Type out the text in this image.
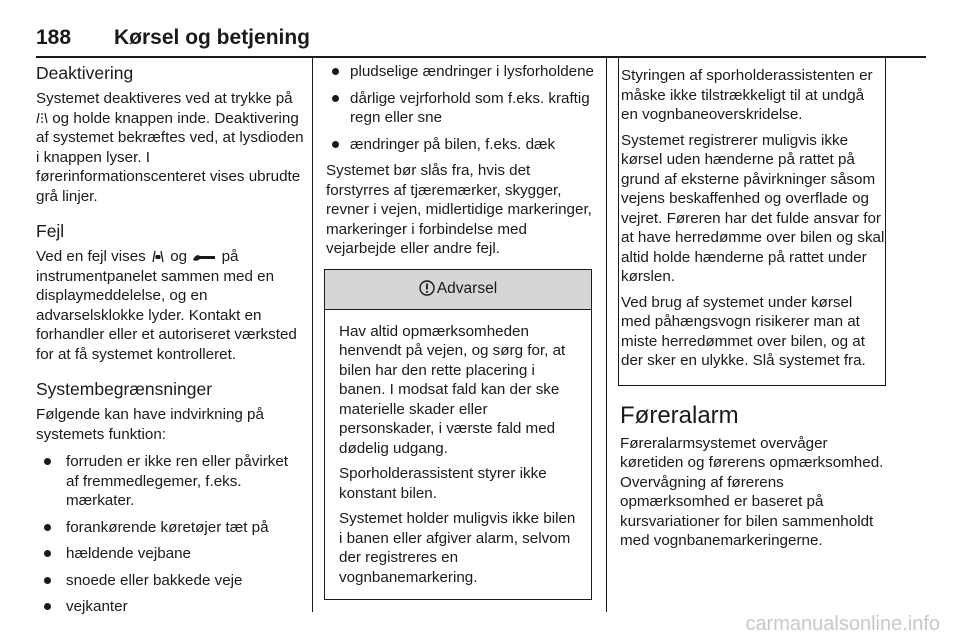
188 Kørsel og betjening
Deaktivering

Systemet deaktiveres ved at trykke på  og holde knappen inde. Deaktivering af systemet bekræftes ved, at lysdioden i knappen lyser. I førerinformationscenteret vises ubrudte grå linjer.

Fejl

Ved en fejl vises og på instrumentpanelet sammen med en displaymeddelelse, og en advarselsklokke lyder. Kontakt en forhandler eller et autoriseret værksted for at få systemet kontrolleret.

Systembegrænsninger

Følgende kan have indvirkning på systemets funktion:

forruden er ikke ren eller påvirket af fremmedlegemer, f.eks. mærkater.
forankørende køretøjer tæt på
hældende vejbane
snoede eller bakkede veje
vejkanter
pludselige ændringer i lysforholdene
dårlige vejrforhold som f.eks. kraftig regn eller sne
ændringer på bilen, f.eks. dæk

Systemet bør slås fra, hvis det forstyrres af tjæremærker, skygger, revner i vejen, midlertidige markeringer, markeringer i forbindelse med vejarbejde eller andre fejl.

Advarsel

Hav altid opmærksomheden henvendt på vejen, og sørg for, at bilen har den rette placering i banen. I modsat fald kan der ske materielle skader eller personskader, i værste fald med dødelig udgang.

Sporholderassistent styrer ikke konstant bilen.

Systemet holder muligvis ikke bilen i banen eller afgiver alarm, selvom der registreres en vognbanemarkering.

Styringen af sporholderassistenten er måske ikke tilstrækkeligt til at undgå en vognbaneoverskridelse.

Systemet registrerer muligvis ikke kørsel uden hænderne på rattet på grund af eksterne påvirkninger såsom vejens beskaffenhed og overflade og vejret. Føreren har det fulde ansvar for at have herredømme over bilen og skal altid holde hænderne på rattet under kørslen.

Ved brug af systemet under kørsel med påhængsvogn risikerer man at miste herredømmet over bilen, og at der sker en ulykke. Slå systemet fra.

Føreralarm

Føreralarmsystemet overvåger køretiden og førerens opmærksomhed. Overvågning af førerens opmærksomhed er baseret på kursvariationer for bilen sammenholdt med vognbanemarkeringerne.

carmanualsonline.info
